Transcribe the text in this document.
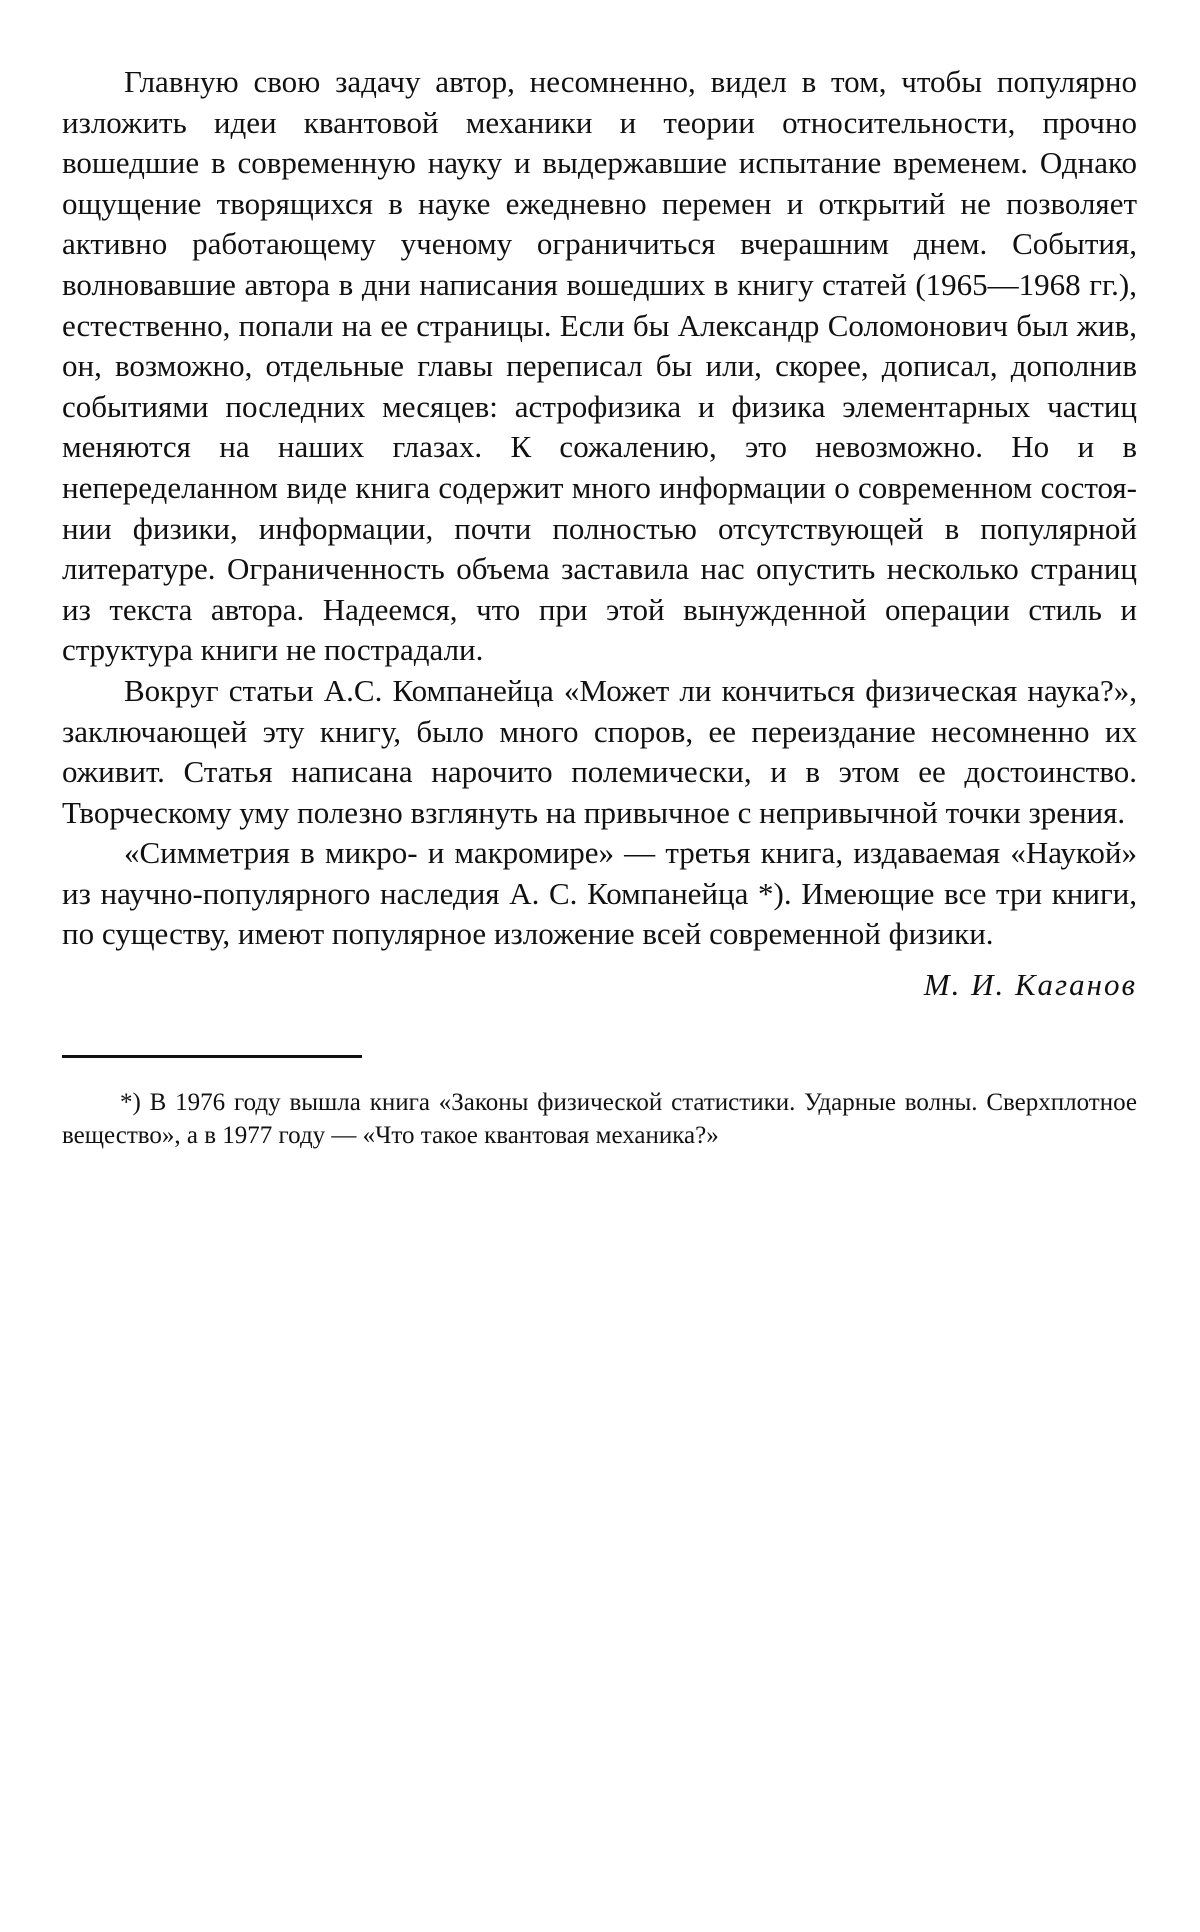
Главную свою задачу автор, несомненно, видел в том, чтобы популярно изложить идеи квантовой механики и теории относительности, прочно вошедшие в современную науку и выдержавшие испытание временем. Однако ощущение творящихся в науке ежедневно перемен и открытий не позволяет активно работающему ученому ограничиться вчерашним днем. События, волновавшие автора в дни написания вошедших в книгу статей (1965—1968 гг.), естественно, попали на ее страницы. Если бы Александр Соломонович был жив, он, возможно, отдельные главы переписал бы или, скорее, дописал, дополнив событиями последних месяцев: астрофизика и физика элементарных частиц меняются на наших глазах. К сожалению, это невозможно. Но и в непеределанном виде книга содержит много информации о современном состоянии физики, информации, почти полностью отсутствующей в популярной литературе. Ограниченность объема заставила нас опустить несколько страниц из текста автора. Надеемся, что при этой вынужденной операции стиль и структура книги не пострадали.

Вокруг статьи А.С. Компанейца «Может ли кончиться физическая наука?», заключающей эту книгу, было много споров, ее переиздание несомненно их оживит. Статья написана нарочито полемически, и в этом ее достоинство. Творческому уму полезно взглянуть на привычное с непривычной точки зрения.

«Симметрия в микро- и макромире» — третья книга, издаваемая «Наукой» из научно-популярного наследия А. С. Компанейца *). Имеющие все три книги, по существу, имеют популярное изложение всей современной физики.

М. И. Каганов

*) В 1976 году вышла книга «Законы физической статистики. Ударные волны. Сверхплотное вещество», а в 1977 году — «Что такое квантовая механика?»
